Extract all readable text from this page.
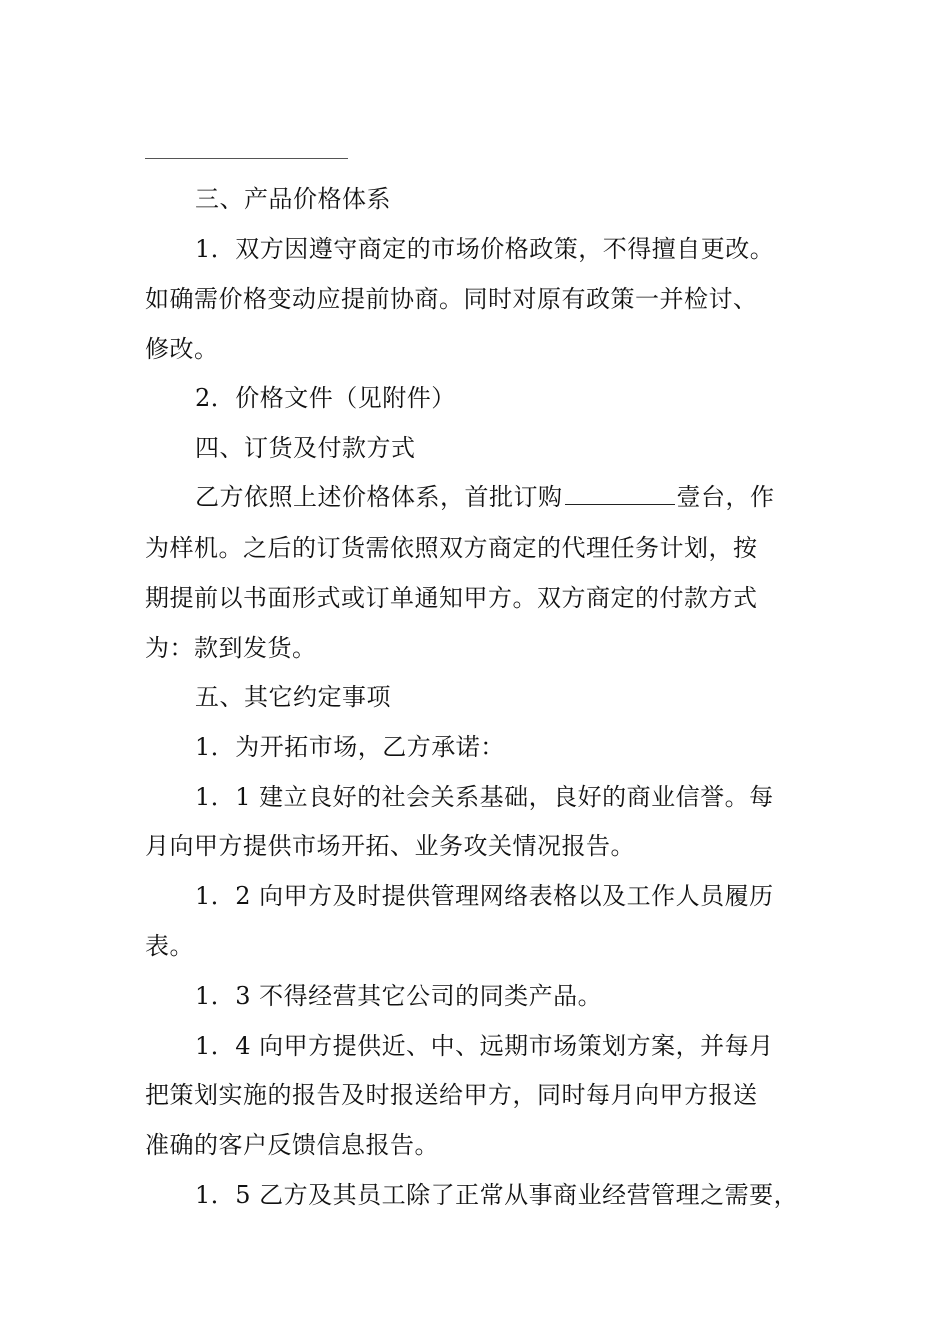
三、产品价格体系
1．双方因遵守商定的市场价格政策，不得擅自更改。
如确需价格变动应提前协商。同时对原有政策一并检讨、
修改。
2．价格文件（见附件）
四、订货及付款方式
乙方依照上述价格体系，首批订购	壹台，作
为样机。之后的订货需依照双方商定的代理任务计划，按
期提前以书面形式或订单通知甲方。双方商定的付款方式
为：款到发货。
五、其它约定事项
1．为开拓市场，乙方承诺：
1．1 建立良好的社会关系基础，良好的商业信誉。每
月向甲方提供市场开拓、业务攻关情况报告。
1．2 向甲方及时提供管理网络表格以及工作人员履历
表。
1．3 不得经营其它公司的同类产品。
1．4 向甲方提供近、中、远期市场策划方案，并每月
把策划实施的报告及时报送给甲方，同时每月向甲方报送
准确的客户反馈信息报告。
1．5 乙方及其员工除了正常从事商业经营管理之需要，
